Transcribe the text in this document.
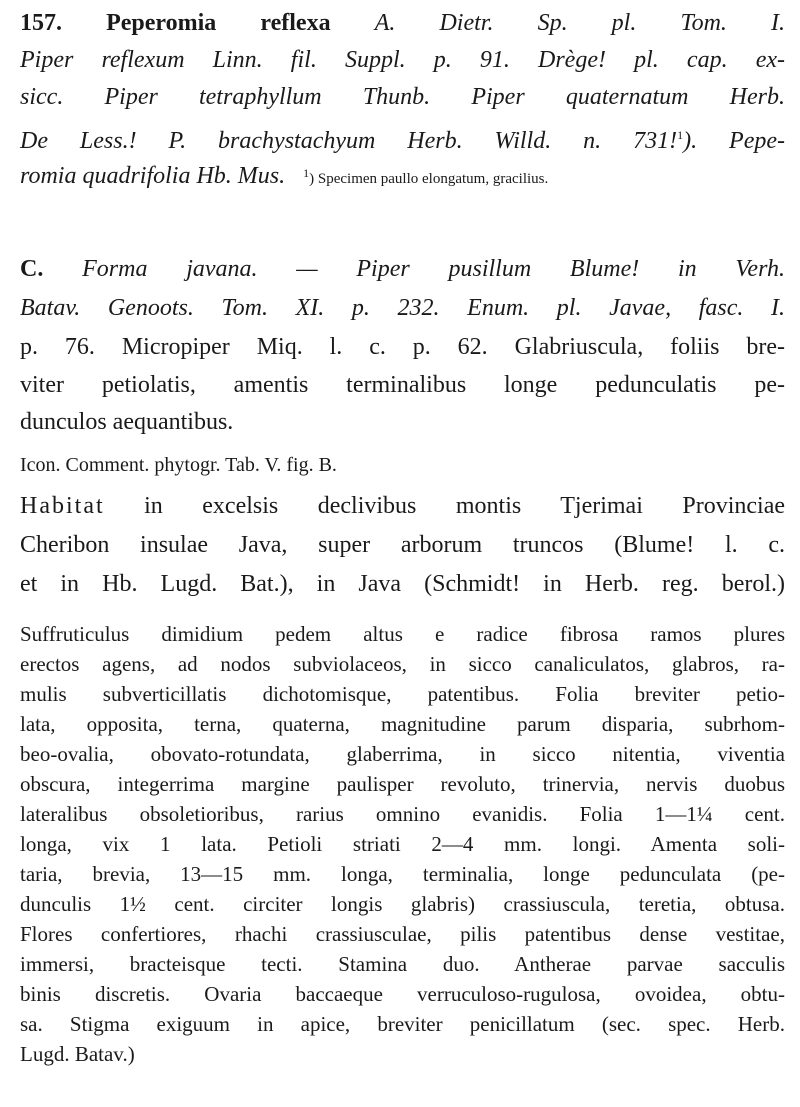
157. Peperomia reflexa A. Dietr. Sp. pl. Tom. I.
Piper reflexum Linn. fil. Suppl. p. 91. Drège! pl. cap. ex-
sicc. Piper tetraphyllum Thunb. Piper quaternatum Herb.
De Less.! P. brachystachyum Herb. Willd. n. 731!$^1$). Pepe-
romia quadrifolia Hb. Mus. $^1$) Specimen paullo elongatum, gracilius.
C. Forma javana. — Piper pusillum Blume! in Verh.
Batav. Genoots. Tom. XI. p. 232. Enum. pl. Javae, fasc. I.
p. 76. Micropiper Miq. l. c. p. 62. Glabriuscula, foliis bre-
viter petiolatis, amentis terminalibus longe pedunculatis pe-
dunculos aequantibus.
Icon. Comment. phytogr. Tab. V. fig. B.
Habitat in excelsis declivibus montis Tjerimai Provinciae
Cheribon insulae Java, super arborum truncos (Blume! l. c.
et in Hb. Lugd. Bat.), in Java (Schmidt! in Herb. reg. berol.)
Suffruticulus dimidium pedem altus e radice fibrosa ramos plures
erectos agens, ad nodos subviolaceos, in sicco canaliculatos, glabros, ra-
mulis subverticillatis dichotomisque, patentibus. Folia breviter petio-
lata, opposita, terna, quaterna, magnitudine parum disparia, subrhom-
beo-ovalia, obovato-rotundata, glaberrima, in sicco nitentia, viventia
obscura, integerrima margine paulisper revoluto, trinervia, nervis duobus
lateralibus obsoletioribus, rarius omnino evanidis. Folia 1—1¼ cent.
longa, vix 1 lata. Petioli striati 2—4 mm. longi. Amenta soli-
taria, brevia, 13—15 mm. longa, terminalia, longe pedunculata (pe-
dunculis 1½ cent. circiter longis glabris) crassiuscula, teretia, obtusa.
Flores confertiores, rhachi crassiusculae, pilis patentibus dense vestitae,
immersi, bracteisque tecti. Stamina duo. Antherae parvae sacculis
binis discretis. Ovaria baccaeque verruculoso-rugulosa, ovoidea, obtu-
sa. Stigma exiguum in apice, breviter penicillatum (sec. spec. Herb.
Lugd. Batav.)
